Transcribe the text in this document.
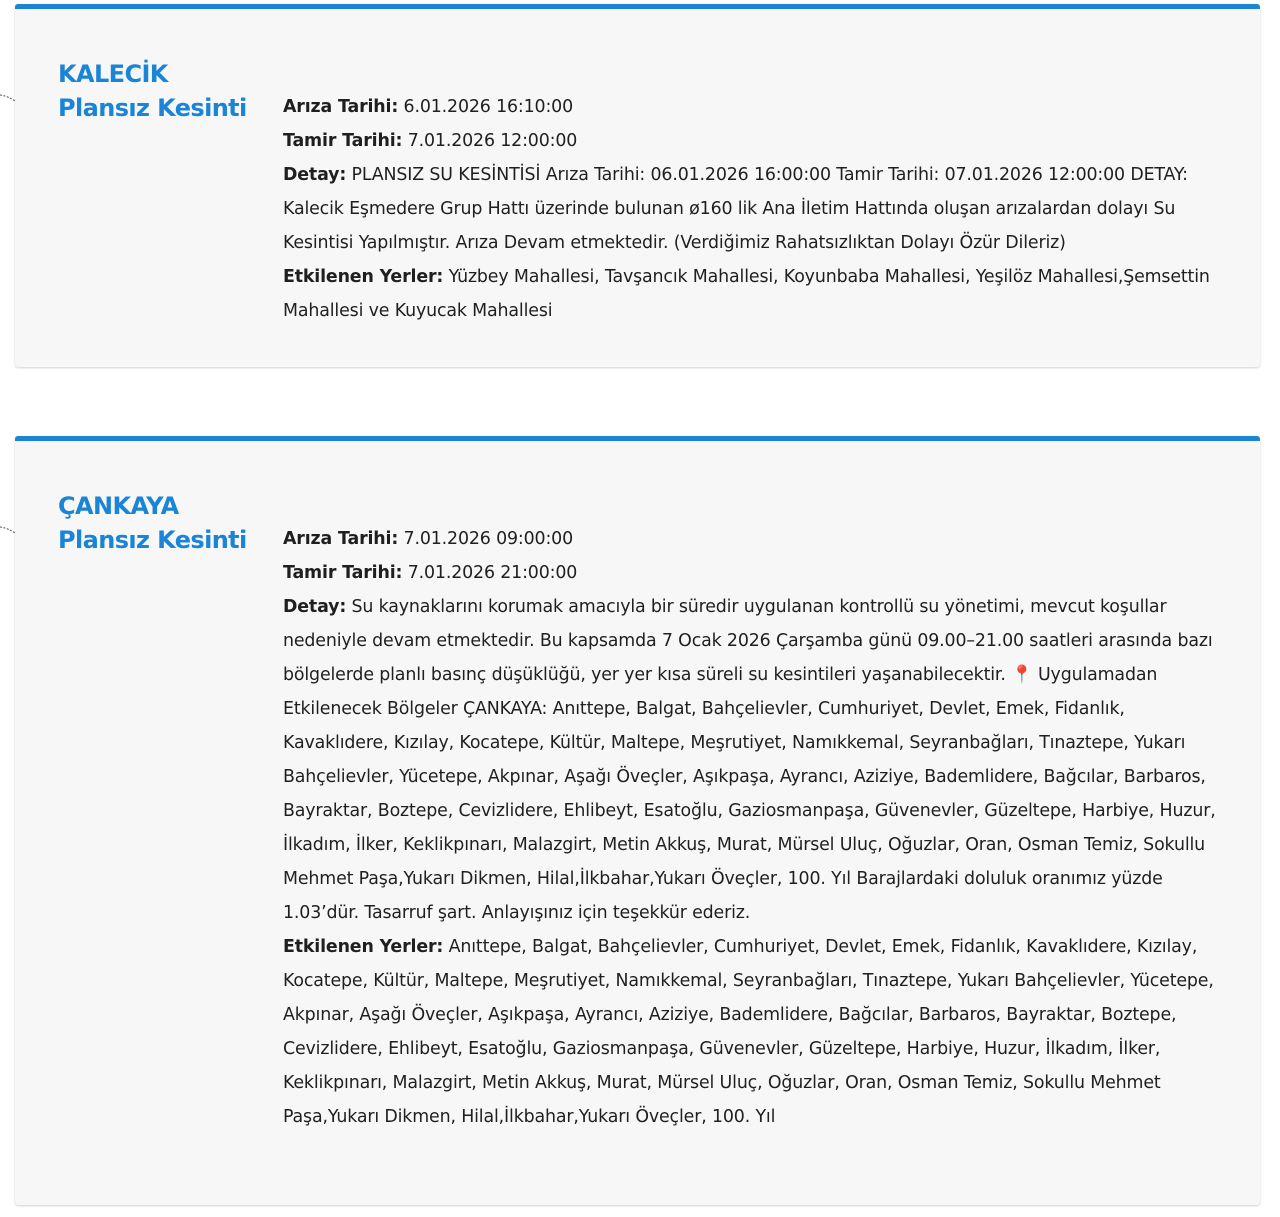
KALECİK
Plansız Kesinti	Arıza Tarihi: 6.01.2026 16:10:00

Tamir Tarihi: 7.01.2026 12:00:00

Detay: PLANSIZ SU KESİNTİSİ Arıza Tarihi: 06.01.2026 16:00:00 Tamir Tarihi: 07.01.2026 12:00:00 DETAY: Kalecik Eşmedere Grup Hattı üzerinde bulunan ø160 lik Ana İletim Hattında oluşan arızalardan dolayı Su Kesintisi Yapılmıştır. Arıza Devam etmektedir. (Verdiğimiz Rahatsızlıktan Dolayı Özür Dileriz)

Etkilenen Yerler: Yüzbey Mahallesi, Tavşancık Mahallesi, Koyunbaba Mahallesi, Yeşilöz Mahallesi,Şemsettin Mahallesi ve Kuyucak Mahallesi

ÇANKAYA
Plansız Kesinti	Arıza Tarihi: 7.01.2026 09:00:00

Tamir Tarihi: 7.01.2026 21:00:00

Detay: Su kaynaklarını korumak amacıyla bir süredir uygulanan kontrollü su yönetimi, mevcut koşullar nedeniyle devam etmektedir. Bu kapsamda 7 Ocak 2026 Çarşamba günü 09.00–21.00 saatleri arasında bazı bölgelerde planlı basınç düşüklüğü, yer yer kısa süreli su kesintileri yaşanabilecektir. 📍 Uygulamadan Etkilenecek Bölgeler ÇANKAYA: Anıttepe, Balgat, Bahçelievler, Cumhuriyet, Devlet, Emek, Fidanlık, Kavaklıdere, Kızılay, Kocatepe, Kültür, Maltepe, Meşrutiyet, Namıkkemal, Seyranbağları, Tınaztepe, Yukarı Bahçelievler, Yücetepe, Akpınar, Aşağı Öveçler, Aşıkpaşa, Ayrancı, Aziziye, Bademlidere, Bağcılar, Barbaros, Bayraktar, Boztepe, Cevizlidere, Ehlibeyt, Esatoğlu, Gaziosmanpaşa, Güvenevler, Güzeltepe, Harbiye, Huzur, İlkadım, İlker, Keklikpınarı, Malazgirt, Metin Akkuş, Murat, Mürsel Uluç, Oğuzlar, Oran, Osman Temiz, Sokullu Mehmet Paşa,Yukarı Dikmen, Hilal,İlkbahar,Yukarı Öveçler, 100. Yıl Barajlardaki doluluk oranımız yüzde 1.03’dür. Tasarruf şart. Anlayışınız için teşekkür ederiz.

Etkilenen Yerler: Anıttepe, Balgat, Bahçelievler, Cumhuriyet, Devlet, Emek, Fidanlık, Kavaklıdere, Kızılay, Kocatepe, Kültür, Maltepe, Meşrutiyet, Namıkkemal, Seyranbağları, Tınaztepe, Yukarı Bahçelievler, Yücetepe, Akpınar, Aşağı Öveçler, Aşıkpaşa, Ayrancı, Aziziye, Bademlidere, Bağcılar, Barbaros, Bayraktar, Boztepe, Cevizlidere, Ehlibeyt, Esatoğlu, Gaziosmanpaşa, Güvenevler, Güzeltepe, Harbiye, Huzur, İlkadım, İlker, Keklikpınarı, Malazgirt, Metin Akkuş, Murat, Mürsel Uluç, Oğuzlar, Oran, Osman Temiz, Sokullu Mehmet Paşa,Yukarı Dikmen, Hilal,İlkbahar,Yukarı Öveçler, 100. Yıl
